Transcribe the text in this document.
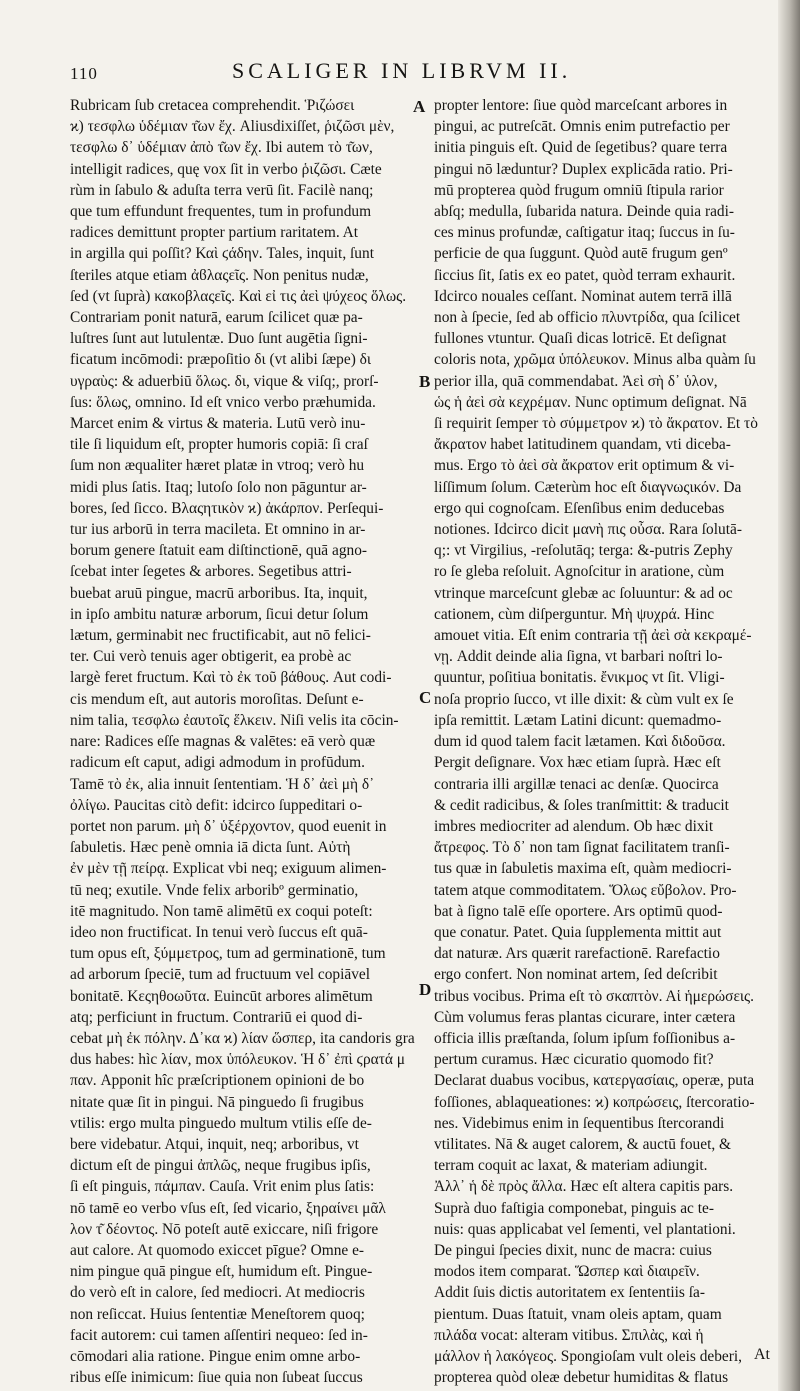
110	SCALIGER IN LIBRVM II.
Rubricam ſub cretacea comprehendit. Ῥιζώσει
ϰ) τεσφλω ὑδέμιαν τ͂ων ἔχ. Aliusdixiſſet, ῥιζῶσι μὲν,
τεσφλω δ᾽ ὑδέμιαν ἀπὸ τ͂ων ἔχ. Ibi autem τὸ τ͂ων,
intelligit radices, quę vox ſit in verbo ῥιζῶσι. Cæte
rùm in ſabulo & aduſta terra verū ſit. Facilè nanq;
que tum effundunt frequentes, tum in profundum
radices demittunt propter partium raritatem. At
in argilla qui poſſit? Καὶ ϛάδην. Tales, inquit, ſunt
ſteriles atque etiam ἀϐλαςεῖς. Non penitus nudæ,
ſed (vt ſuprà) κακοβλαςεῖς. Καὶ εἰ τις ἀεὶ ψύχεος ὅλως.
Contrariam ponit naturā, earum ſcilicet quæ pa-
luſtres ſunt aut lutulentæ. Duo ſunt augētia ſigni-
ficatum incōmodi: præpoſitio δι (vt alibi ſæpe) δι
υγραὺς: & aduerbiū ὅλως. δι, vique & viſq;, prorſ-
ſus: ὅλως, omnino. Id eſt vnico verbo præhumida.
Marcet enim & virtus & materia. Lutū verò inu-
tile ſi liquidum eſt, propter humoris copiā: ſi craſ
ſum non æqualiter hæret platæ in vtroq; verò hu
midi plus ſatis. Itaq; lutoſo ſolo non pāguntur ar-
bores, ſed ſicco. Βλαςητικὸν ϰ) ἀκάρπον. Perſequi-
tur ius arborū in terra macileta. Et omnino in ar-
borum genere ſtatuit eam diſtinctionē, quā agno-
ſcebat inter ſegetes & arbores. Segetibus attri-
buebat aruū pingue, macrū arboribus. Ita, inquit,
in ipſo ambitu naturæ arborum, ſicui detur ſolum
lætum, germinabit nec fructificabit, aut nō felici-
ter. Cui verò tenuis ager obtigerit, ea probè ac
largè feret fructum. Καὶ τὸ ἐκ τοῦ βάθους. Aut codi-
cis mendum eſt, aut autoris moroſitas. Deſunt e-
nim talia, τεσφλω ἐαυτοῖς ἕλκειν. Niſi velis ita cōcin-
nare: Radices eſſe magnas & valētes: eā verò quæ
radicum eſt caput, adigi admodum in profūdum.
Tamē τὸ ἐκ, alia innuit ſententiam. Ἡ δ᾽ ἀεὶ μὴ δ᾽
ὀλίγω. Paucitas citò defit: idcirco ſuppeditari o-
portet non parum. μὴ δ᾽ ὑξέρχοντον, quod euenit in
ſabuletis. Hæc penè omnia iā dicta ſunt. Αὐτὴ
ἐν μὲν τῇ πείρᾳ. Explicat vbi neq; exiguum alimen-
tū neq; exutile. Vnde felix arboribº germinatio,
itē magnitudo. Non tamē alimētū ex coqui poteſt:
ideo non fructificat. In tenui verò ſuccus eſt quā-
tum opus eſt, ξύμμετρος, tum ad germinationē, tum
ad arborum ſpeciē, tum ad fructuum vel copiāvel
bonitatē. Κεςηθοωῦτα. Euincūt arbores alimētum
atq; perficiunt in fructum. Contrariū ei quod di-
cebat μὴ ἐκ πόλην. Δ᾽κα ϰ) λίαν ὥσπερ, ita candoris gra
dus habes: hìc λίαν, mox ὑπόλευκον. Ἡ δ᾽ ἐπὶ ϛρατά μ
παν. Apponit hîc præſcriptionem opinioni de bo
nitate quæ ſit in pingui. Nā pinguedo ſi frugibus
vtilis: ergo multa pinguedo multum vtilis eſſe de-
bere videbatur. Atqui, inquit, neq; arboribus, vt
dictum eſt de pingui ἀπλῶς, neque frugibus ipſis,
ſi eſt pinguis, πάμπαν. Cauſa. Vrit enim plus ſatis:
nō tamē eo verbo vſus eſt, ſed vicario, ξηραίνει μᾶλ
λον τ͂ δέοντος. Nō poteſt autē exiccare, niſi frigore
aut calore. At quomodo exiccet pīgue? Omne e-
nim pingue quā pingue eſt, humidum eſt. Pingue-
do verò eſt in calore, ſed mediocri. At mediocris
non reſiccat. Huius ſententiæ Meneſtorem quoq;
facit autorem: cui tamen aſſentiri nequeo: ſed in-
cōmodari alia ratione. Pingue enim omne arbo-
ribus eſſe inimicum: ſiue quia non ſubeat ſuccus
propter lentore: ſiue quòd marceſcant arbores in
pingui, ac putreſcāt. Omnis enim putrefactio per
initia pinguis eſt. Quid de ſegetibus? quare terra
pingui nō læduntur? Duplex explicāda ratio. Pri-
mū propterea quòd frugum omniū ſtipula rarior
abſq; medulla, ſubarida natura. Deinde quia radi-
ces minus profundæ, caſtigatur itaq; ſuccus in ſu-
perficie de qua ſuggunt. Quòd autē frugum genº
ſiccius ſit, ſatis ex eo patet, quòd terram exhaurit.
Idcirco nouales ceſſant. Nominat autem terrā illā
non à ſpecie, ſed ab officio πλυντρίδα, qua ſcilicet
fullones vtuntur. Quaſi dicas lotricē. Et deſignat
coloris nota, χρῶμα ὑπόλευκον. Minus alba quàm ſu
perior illa, quā commendabat. Ἀεὶ σὴ δ᾽ ὑλον,
ὡς ἡ ἀεὶ σὰ κεχρέμαν. Nunc optimum deſignat. Nā
ſi requirit ſemper τὸ σύμμετρον ϰ) τὸ ἄκρατον. Et τὸ
ἄκρατον habet latitudinem quandam, vti diceba-
mus. Ergo τὸ ἀεὶ σὰ ἄκρατον erit optimum & vi-
liſſimum ſolum. Cæterùm hoc eſt διαγνωςικόν. Da
ergo qui cognoſcam. Eſenſibus enim deducebas
notiones. Idcirco dicit μανὴ πις οὖσα. Rara ſolutā-
q;: vt Virgilius, -reſolutāq; terga: &-putris Zephy
ro ſe gleba reſoluit. Agnoſcitur in aratione, cùm
vtrinque marceſcunt glebæ ac ſoluuntur: & ad oc
cationem, cùm diſperguntur. Μὴ ψυχρά. Hinc
amouet vitia. Eſt enim contraria τῇ ἀεὶ σὰ κεκραμέ-
νῃ. Addit deinde alia ſigna, vt barbari noſtri lo-
quuntur, poſitiua bonitatis. ἔνικμος vt ſit. Vligi-
noſa proprio ſucco, vt ille dixit: & cùm vult ex ſe
ipſa remittit. Lætam Latini dicunt: quemadmo-
dum id quod talem facit lætamen. Καὶ διδοῦσα.
Pergit deſignare. Vox hæc etiam ſuprà. Hæc eſt
contraria illi argillæ tenaci ac denſæ. Quocirca
& cedit radicibus, & ſoles tranſmittit: & traducit
imbres mediocriter ad alendum. Ob hæc dixit
ἄτρεφος. Τὸ δ᾽ non tam ſignat facilitatem tranſi-
tus quæ in ſabuletis maxima eſt, quàm mediocri-
tatem atque commoditatem. Ὅλως εὔβολον. Pro-
bat à ſigno talē eſſe oportere. Ars optimū quod-
que conatur. Patet. Quia ſupplementa mittit aut
dat naturæ. Ars quærit rarefactionē. Rarefactio
ergo confert. Non nominat artem, ſed deſcribit
tribus vocibus. Prima eſt τὸ σκαπτὸν. Αἱ ἡμερώσεις.
Cùm volumus feras plantas cicurare, inter cætera
officia illis præſtanda, ſolum ipſum foſſionibus a-
pertum curamus. Hæc cicuratio quomodo fit?
Declarat duabus vocibus, κατεργασίαις, operæ, puta
foſſiones, ablaqueationes: ϰ) κοπρώσεις, ſtercoratio-
nes. Videbimus enim in ſequentibus ſtercorandi
vtilitates. Nā & auget calorem, & auctū fouet, &
terram coquit ac laxat, & materiam adiungit.
Ἀλλ᾽ ἡ δὲ πρὸς ἄλλα. Hæc eſt altera capitis pars.
Suprà duo faſtigia componebat, pinguis ac te-
nuis: quas applicabat vel ſementi, vel plantationi.
De pingui ſpecies dixit, nunc de macra: cuius
modos item comparat. Ὥσπερ καὶ διαιρεῖν.
Addit ſuis dictis autoritatem ex ſententiis ſa-
pientum. Duas ſtatuit, vnam oleis aptam, quam
πιλάδα vocat: alteram vitibus. Σπιλὰς, καὶ ἡ
μάλλον ἡ λακόγεος. Spongioſam vult oleis deberi,
propterea quòd oleæ debetur humiditas & flatus
A
B
C
D
At
